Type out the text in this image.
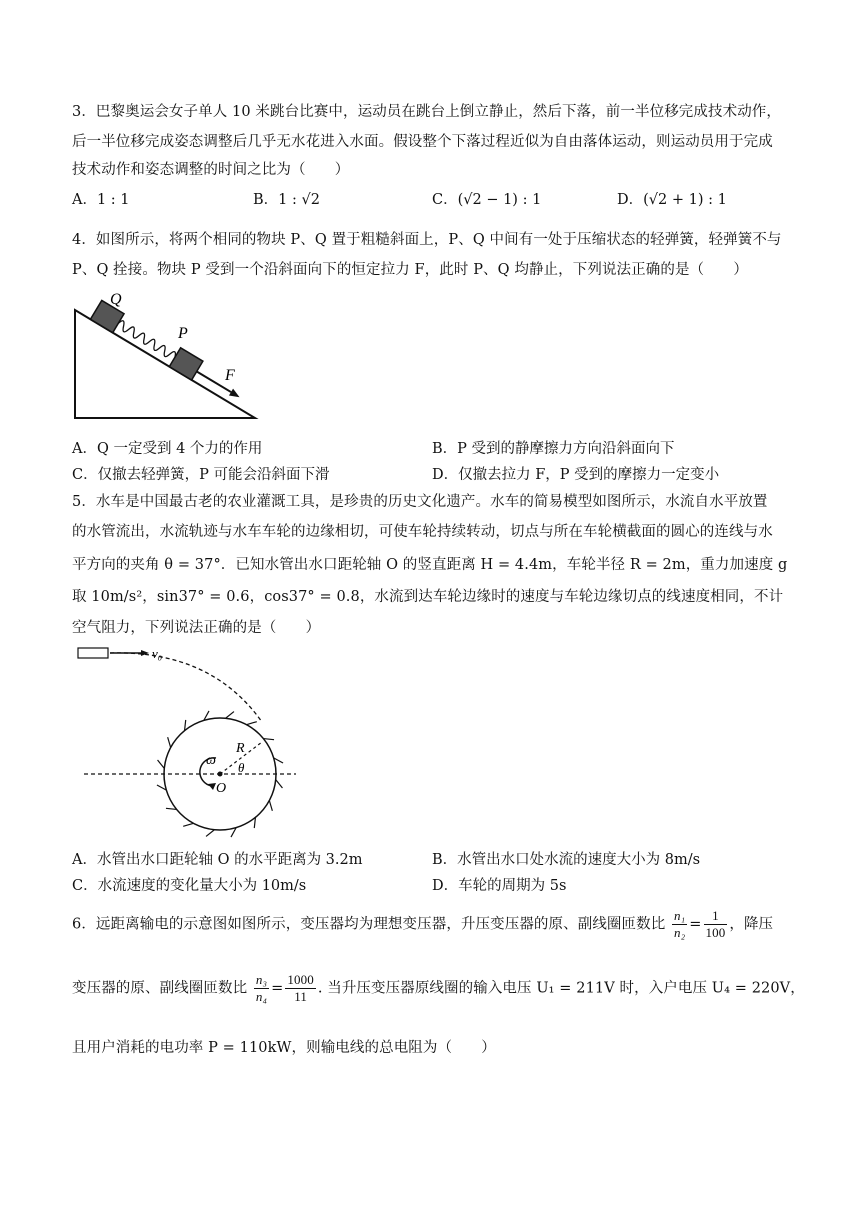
3．巴黎奥运会女子单人 10 米跳台比赛中，运动员在跳台上倒立静止，然后下落，前一半位移完成技术动作，
后一半位移完成姿态调整后几乎无水花进入水面。假设整个下落过程近似为自由落体运动，则运动员用于完成
技术动作和姿态调整的时间之比为（　　）
A．1 : 1	B．1 : √2	C．(√2 − 1) : 1	D．(√2 + 1) : 1
4．如图所示，将两个相同的物块 P、Q 置于粗糙斜面上，P、Q 中间有一处于压缩状态的轻弹簧，轻弹簧不与
P、Q 拴接。物块 P 受到一个沿斜面向下的恒定拉力 F，此时 P、Q 均静止，下列说法正确的是（　　）
Q
P
F
A．Q 一定受到 4 个力的作用	B．P 受到的静摩擦力方向沿斜面向下
C．仅撤去轻弹簧，P 可能会沿斜面下滑	D．仅撤去拉力 F，P 受到的摩擦力一定变小
5．水车是中国最古老的农业灌溉工具，是珍贵的历史文化遗产。水车的简易模型如图所示，水流自水平放置
的水管流出，水流轨迹与水车车轮的边缘相切，可使车轮持续转动，切点与所在车轮横截面的圆心的连线与水
平方向的夹角 θ = 37°．已知水管出水口距轮轴 O 的竖直距离 H = 4.4m，车轮半径 R = 2m，重力加速度 g
取 10m/s²，sin37° = 0.6，cos37° = 0.8，水流到达车轮边缘时的速度与车轮边缘切点的线速度相同，不计
空气阻力，下列说法正确的是（　　）
v₀
ω
R
θ
O
A．水管出水口距轮轴 O 的水平距离为 3.2m	B．水管出水口处水流的速度大小为 8m/s
C．水流速度的变化量大小为 10m/s	D．车轮的周期为 5s
6．远距离输电的示意图如图所示，变压器均为理想变压器，升压变压器的原、副线圈匝数比 $\frac{\text{n₁}}{\text{n₂}} = \frac{1}{100}$ ，降压
变压器的原、副线圈匝数比 $\frac{\text{n₃}}{\text{n₄}} = \frac{1000}{11}$ . 当升压变压器原线圈的输入电压 U₁ = 211V 时，入户电压 U₄ = 220V，
且用户消耗的电功率 P = 110kW，则输电线的总电阻为（　　）
